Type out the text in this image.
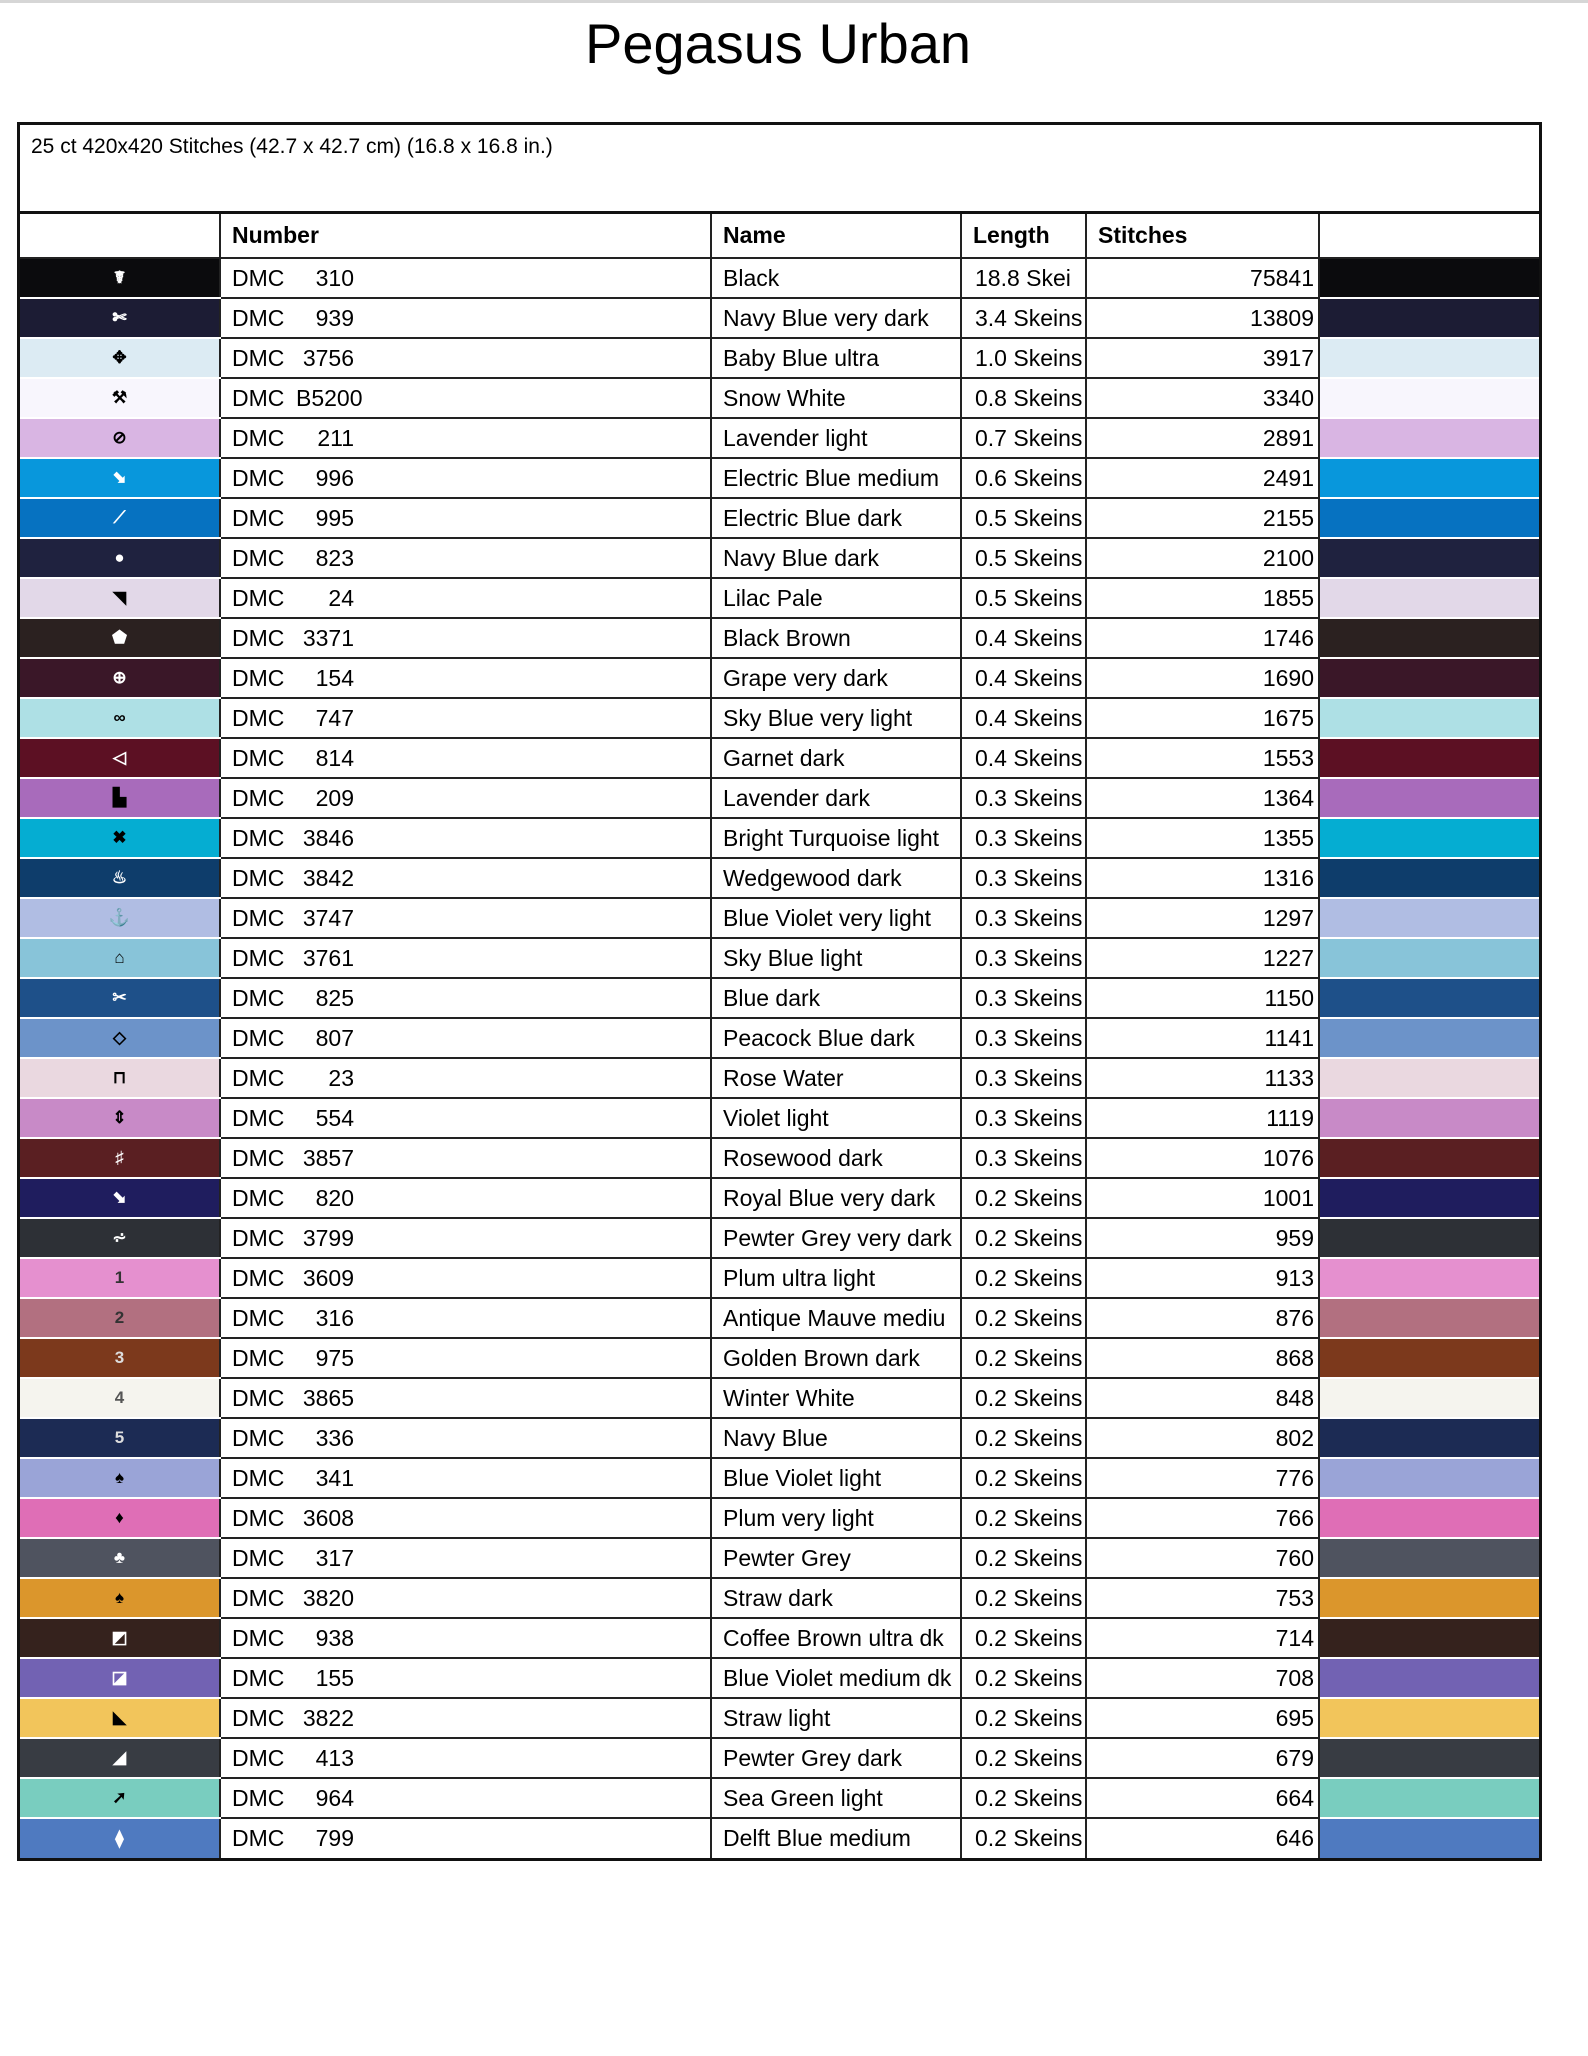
Pegasus Urban
25 ct 420x420 Stitches (42.7 x 42.7 cm) (16.8 x 16.8 in.)
	Number	Name	Length	Stitches	
☤	DMC 310	Black	18.8 Skei	75841	
✄	DMC 939	Navy Blue very dark	3.4 Skeins	13809	
✥	DMC 3756	Baby Blue ultra	1.0 Skeins	3917	
⚒	DMC B5200	Snow White	0.8 Skeins	3340	
⊘	DMC 211	Lavender light	0.7 Skeins	2891	
⬊	DMC 996	Electric Blue medium	0.6 Skeins	2491	
⟋	DMC 995	Electric Blue dark	0.5 Skeins	2155	
●	DMC 823	Navy Blue dark	0.5 Skeins	2100	
◥	DMC 24	Lilac Pale	0.5 Skeins	1855	
⬟	DMC 3371	Black Brown	0.4 Skeins	1746	
⊕	DMC 154	Grape very dark	0.4 Skeins	1690	
∞	DMC 747	Sky Blue very light	0.4 Skeins	1675	
◁	DMC 814	Garnet dark	0.4 Skeins	1553	
▙	DMC 209	Lavender dark	0.3 Skeins	1364	
✖	DMC 3846	Bright Turquoise light	0.3 Skeins	1355	
♨	DMC 3842	Wedgewood dark	0.3 Skeins	1316	
⚓	DMC 3747	Blue Violet very light	0.3 Skeins	1297	
⌂	DMC 3761	Sky Blue light	0.3 Skeins	1227	
✂	DMC 825	Blue dark	0.3 Skeins	1150	
◇	DMC 807	Peacock Blue dark	0.3 Skeins	1141	
⊓	DMC 23	Rose Water	0.3 Skeins	1133	
⇕	DMC 554	Violet light	0.3 Skeins	1119	
♯	DMC 3857	Rosewood dark	0.3 Skeins	1076	
⬊	DMC 820	Royal Blue very dark	0.2 Skeins	1001	
⩫	DMC 3799	Pewter Grey very dark	0.2 Skeins	959	
1	DMC 3609	Plum ultra light	0.2 Skeins	913	
2	DMC 316	Antique Mauve mediu	0.2 Skeins	876	
3	DMC 975	Golden Brown dark	0.2 Skeins	868	
4	DMC 3865	Winter White	0.2 Skeins	848	
5	DMC 336	Navy Blue	0.2 Skeins	802	
♠	DMC 341	Blue Violet light	0.2 Skeins	776	
♦	DMC 3608	Plum very light	0.2 Skeins	766	
♣	DMC 317	Pewter Grey	0.2 Skeins	760	
♠	DMC 3820	Straw dark	0.2 Skeins	753	
◩	DMC 938	Coffee Brown ultra dk	0.2 Skeins	714	
◪	DMC 155	Blue Violet medium dk	0.2 Skeins	708	
◣	DMC 3822	Straw light	0.2 Skeins	695	
◢	DMC 413	Pewter Grey dark	0.2 Skeins	679	
➚	DMC 964	Sea Green light	0.2 Skeins	664	
⧫	DMC 799	Delft Blue medium	0.2 Skeins	646	
